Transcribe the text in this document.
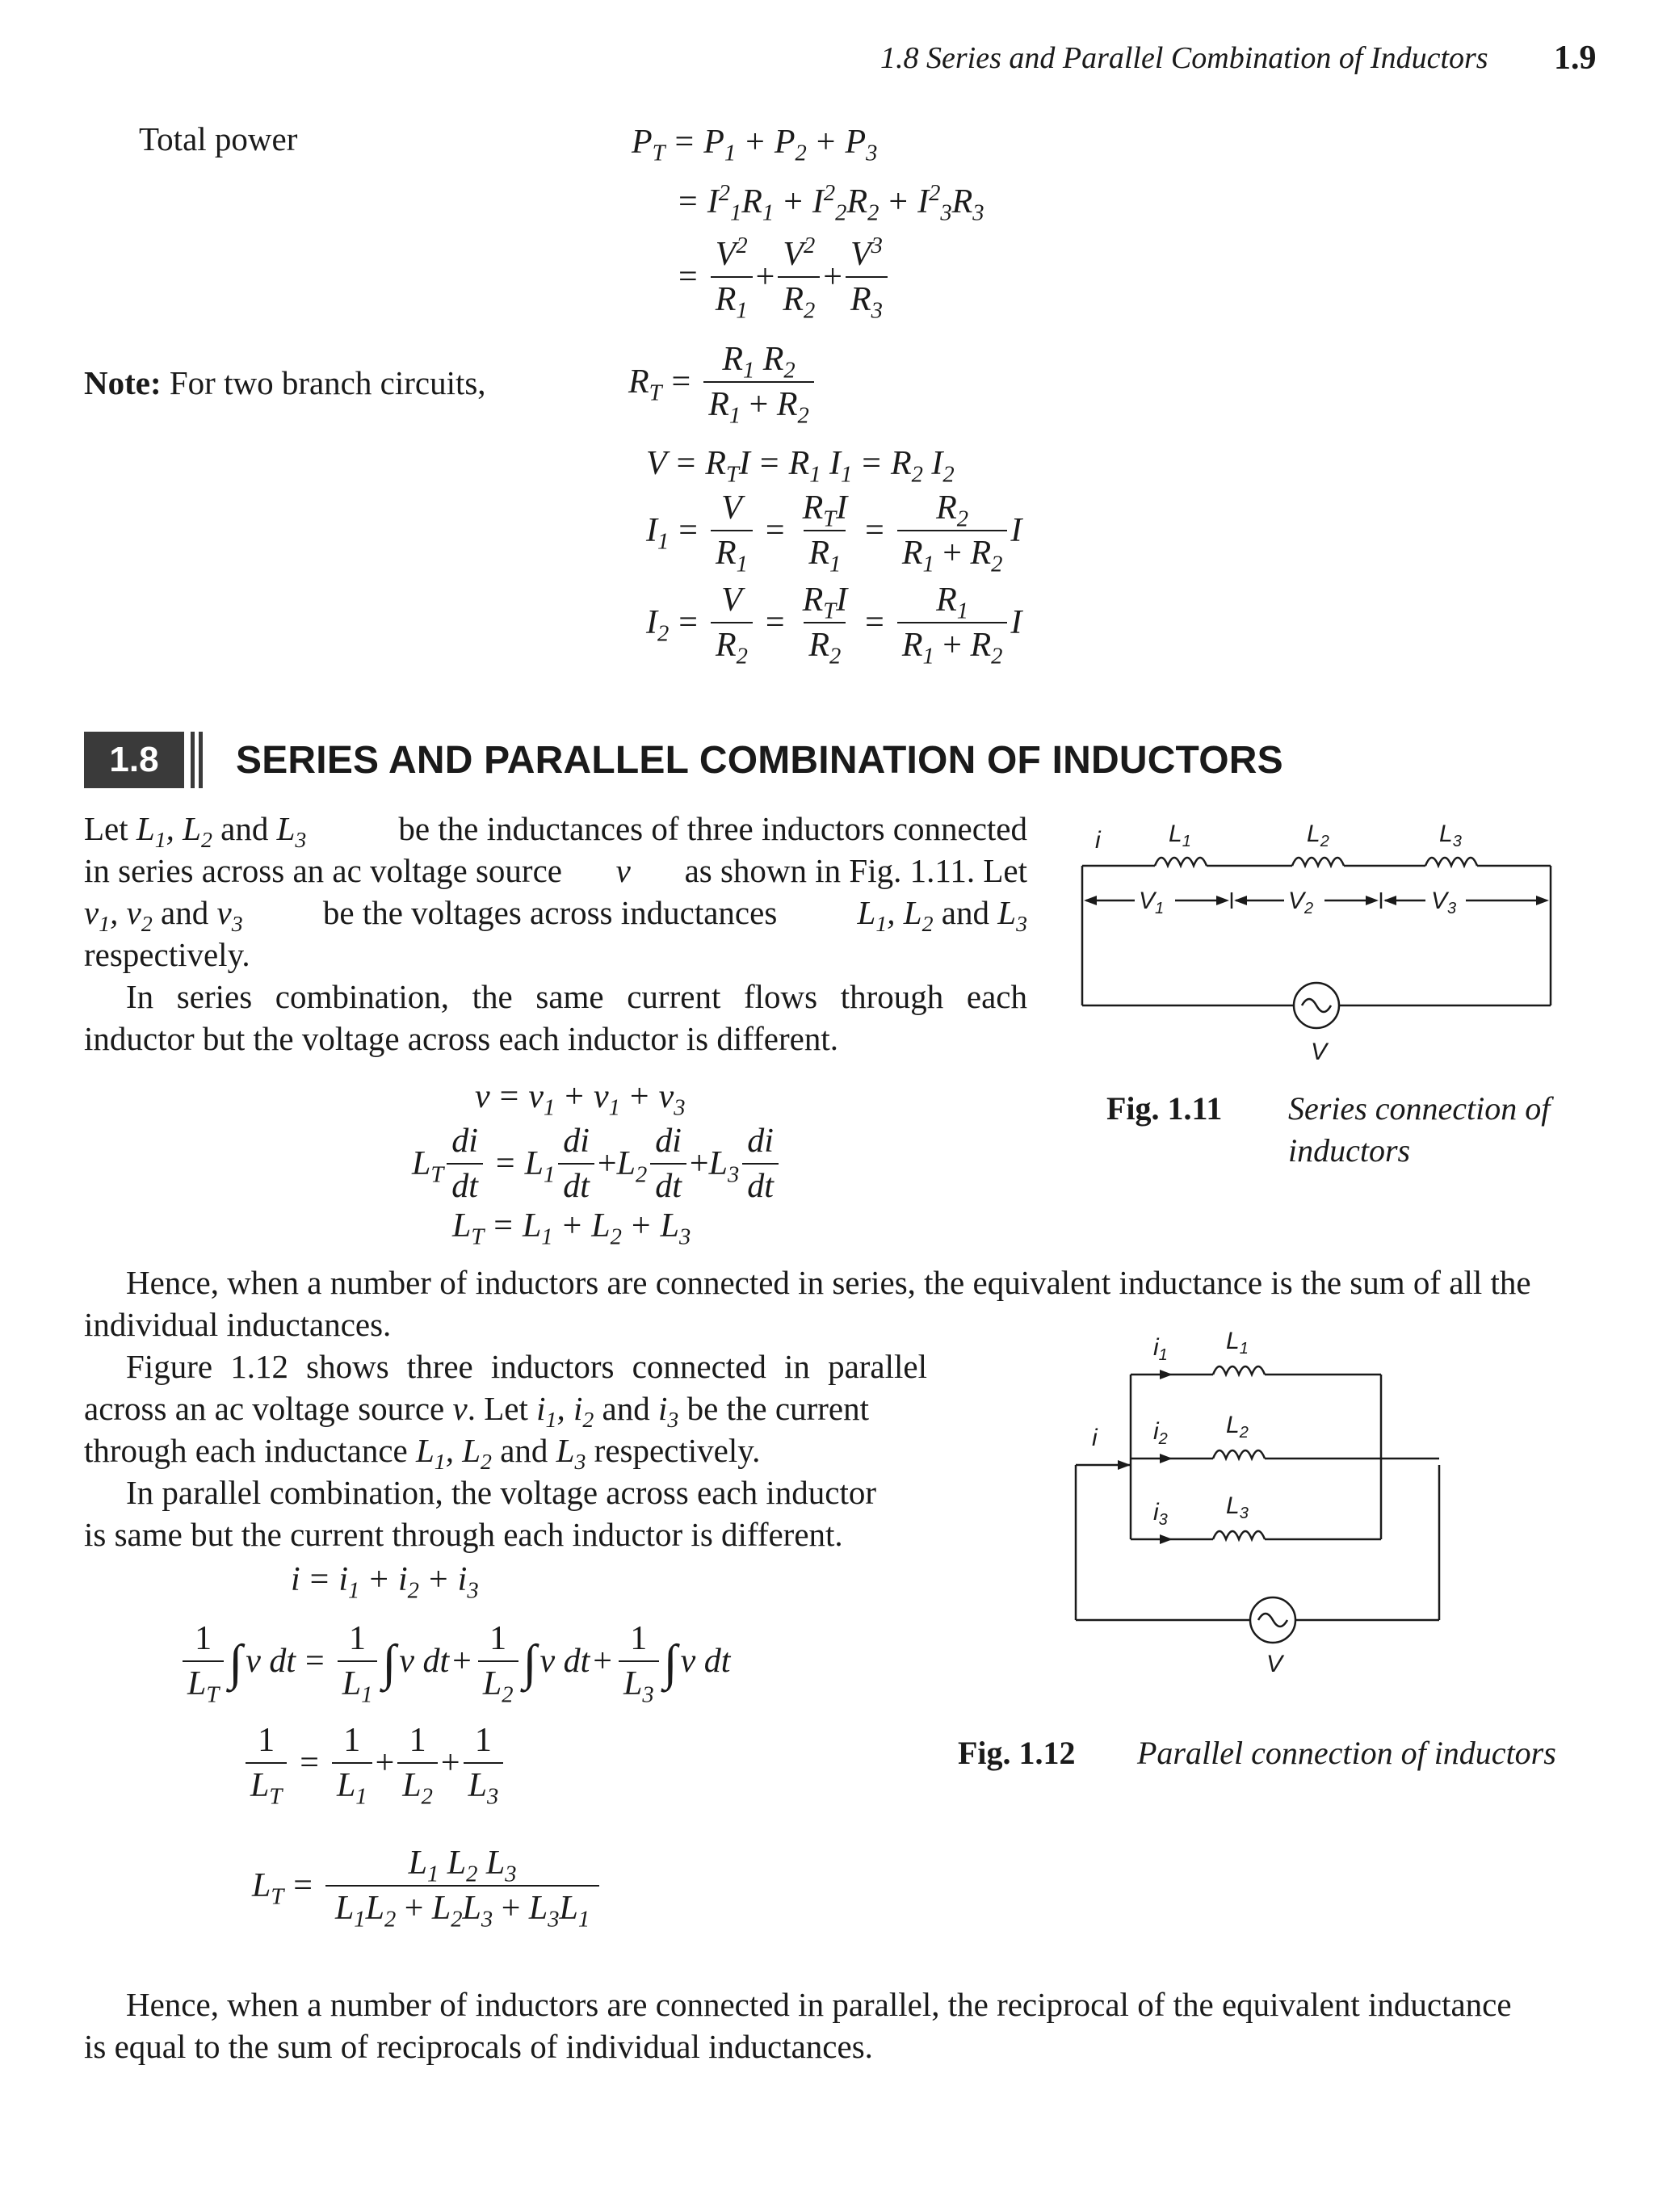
1.8 Series and Parallel Combination of Inductors 1.9
Total power	$P_T = P_1 + P_2 + P_3$
= $I^2_1R_1 + I^2_2R_2 + I^2_3R_3$
= $\frac{V^2}{R_1} + \frac{V^2}{R_2} + \frac{V^3}{R_3}$
Note: For two branch circuits,	$R_T = \frac{R_1 R_2}{R_1 + R_2}$
$V = R_TI = R_1$ $I_1 = R_2$ $I_2$
$I_1 = \frac{V}{R_1} = \frac{R_TI}{R_1} = \frac{R_2}{R_1 + R_2}$ I
$I_2 = \frac{V}{R_2} = \frac{R_TI}{R_2} = \frac{R_1}{R_1 + R_2}$ I
1.8	SERIES AND PARALLEL COMBINATION OF INDUCTORS
Let $L_1$, $L_2$ and $L_3$	be the inductances of three inductors connected
in series across an ac voltage source v as shown in Fig. 1.11. Let
$v_1$, $v_2$ and $v_3$ be the voltages across inductances $L_1$, $L_2$ and $L_3$
respectively.
In series combination, the same current flows through each
inductor but the voltage across each inductor is different.
$v = v_1 + v_1 + v_3$
$L_T \frac{di}{dt} = L_1 \frac{di}{dt} + L_2 \frac{di}{dt} + L_3 \frac{di}{dt}$
$L_T = L_1 + L_2 + L_3$
i	$L_1$	$L_2$	$L_3$
$V_1$	$V_2$	$V_3$
V
Fig. 1.11 Series connection of
inductors
Hence, when a number of inductors are connected in series, the equivalent inductance is the sum of all the
individual inductances.
Figure 1.12 shows three inductors connected in parallel
across an ac voltage source v. Let $i_1$, $i_2$ and $i_3$ be the current
through each inductance $L_1$, $L_2$ and $L_3$ respectively.
In parallel combination, the voltage across each inductor
is same but the current through each inductor is different.
$i = i_1 + i_2 + i_3$
$\frac{1}{L_T}$ ∫ v dt = $\frac{1}{L_1}$ ∫ v dt + $\frac{1}{L_2}$ ∫ v dt + $\frac{1}{L_3}$ ∫ v dt
$\frac{1}{L_T} = \frac{1}{L_1} + \frac{1}{L_2} + \frac{1}{L_3}$
$L_T = \frac{L_1 L_2 L_3}{L_1L_2 + L_2L_3 + L_3L_1}$
i
$i_1$
$i_2$
$i_3$
$L_1$
$L_2$
$L_3$
V
Fig. 1.12 Parallel connection of inductors
Hence, when a number of inductors are connected in parallel, the reciprocal of the equivalent inductance
is equal to the sum of reciprocals of individual inductances.
